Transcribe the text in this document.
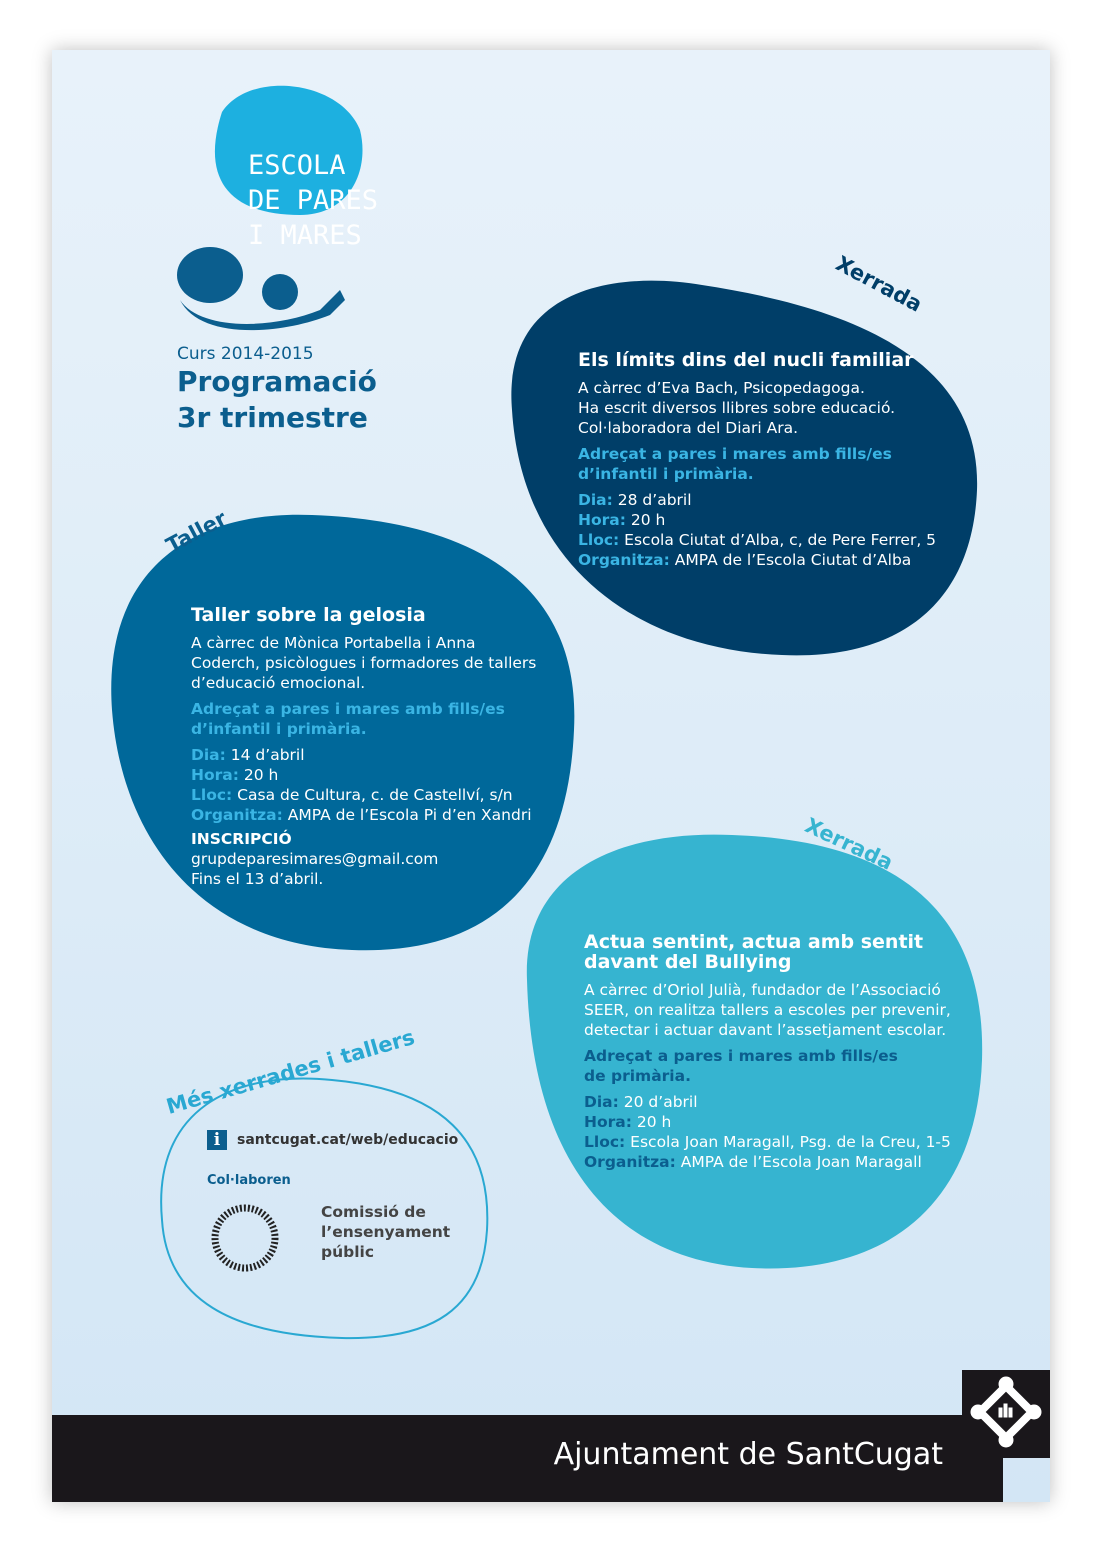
ESCOLA
DE PARES
I MARES
Curs 2014-2015
Programació
3r trimestre
Xerrada
Els límits dins del nucli familiar

A càrrec d’Eva Bach, Psicopedagoga.
Ha escrit diversos llibres sobre educació.
Col·laboradora del Diari Ara.

Adreçat a pares i mares amb fills/es
d’infantil i primària.

Dia: 28 d’abril
Hora: 20 h
Lloc: Escola Ciutat d’Alba, c, de Pere Ferrer, 5
Organitza: AMPA de l’Escola Ciutat d’Alba
Taller
Taller sobre la gelosia

A càrrec de Mònica Portabella i Anna
Coderch, psicòlogues i formadores de tallers
d’educació emocional.

Adreçat a pares i mares amb fills/es
d’infantil i primària.

Dia: 14 d’abril
Hora: 20 h
Lloc: Casa de Cultura, c. de Castellví, s/n
Organitza: AMPA de l’Escola Pi d’en Xandri
INSCRIPCIÓ
grupdeparesimares@gmail.com
Fins el 13 d’abril.
Xerrada
Actua sentint, actua amb sentit
davant del Bullying

A càrrec d’Oriol Julià, fundador de l’Associació
SEER, on realitza tallers a escoles per prevenir,
detectar i actuar davant l’assetjament escolar.

Adreçat a pares i mares amb fills/es
de primària.

Dia: 20 d’abril
Hora: 20 h
Lloc: Escola Joan Maragall, Psg. de la Creu, 1-5
Organitza: AMPA de l’Escola Joan Maragall
Més xerrades i tallers
i	santcugat.cat/web/educacio
Col·laboren
Comissió de
l’ensenyament
públic
Ajuntament de SantCugat
